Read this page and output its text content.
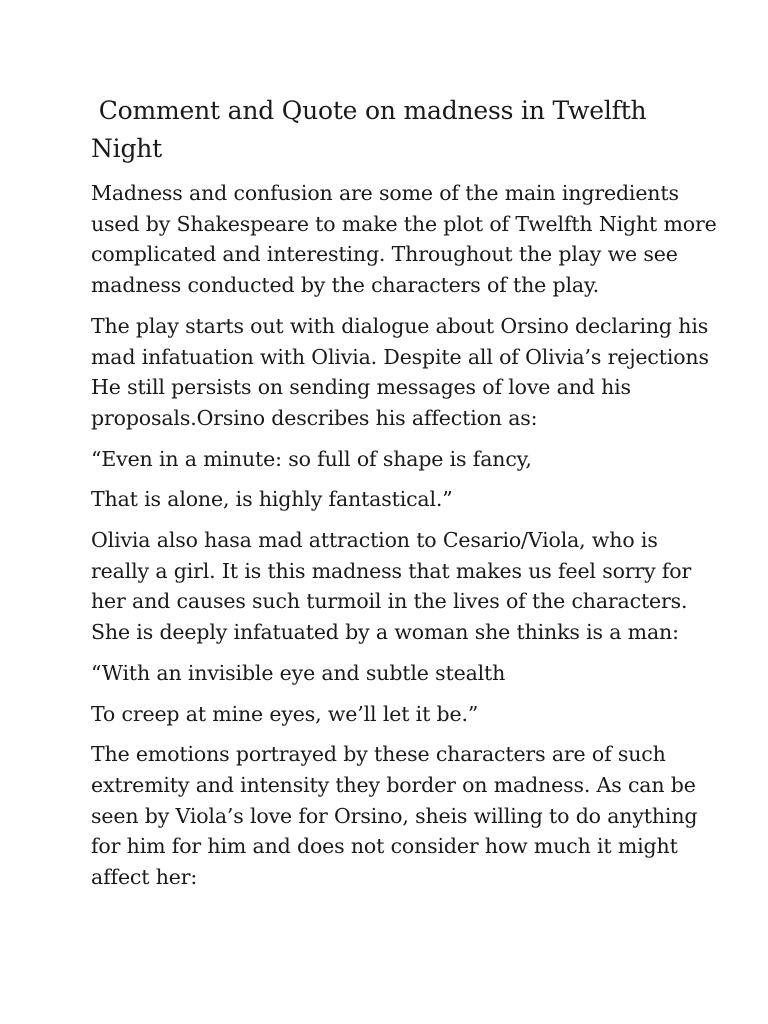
Comment and Quote on madness in Twelfth
Night

Madness and confusion are some of the main ingredients
used by Shakespeare to make the plot of Twelfth Night more
complicated and interesting. Throughout the play we see
madness conducted by the characters of the play.

The play starts out with dialogue about Orsino declaring his
mad infatuation with Olivia. Despite all of Olivia’s rejections
He still persists on sending messages of love and his
proposals.Orsino describes his affection as:

“Even in a minute: so full of shape is fancy,

That is alone, is highly fantastical.”

Olivia also hasa mad attraction to Cesario/Viola, who is
really a girl. It is this madness that makes us feel sorry for
her and causes such turmoil in the lives of the characters.
She is deeply infatuated by a woman she thinks is a man:

“With an invisible eye and subtle stealth

To creep at mine eyes, we’ll let it be.”

The emotions portrayed by these characters are of such
extremity and intensity they border on madness. As can be
seen by Viola’s love for Orsino, sheis willing to do anything
for him for him and does not consider how much it might
affect her:
